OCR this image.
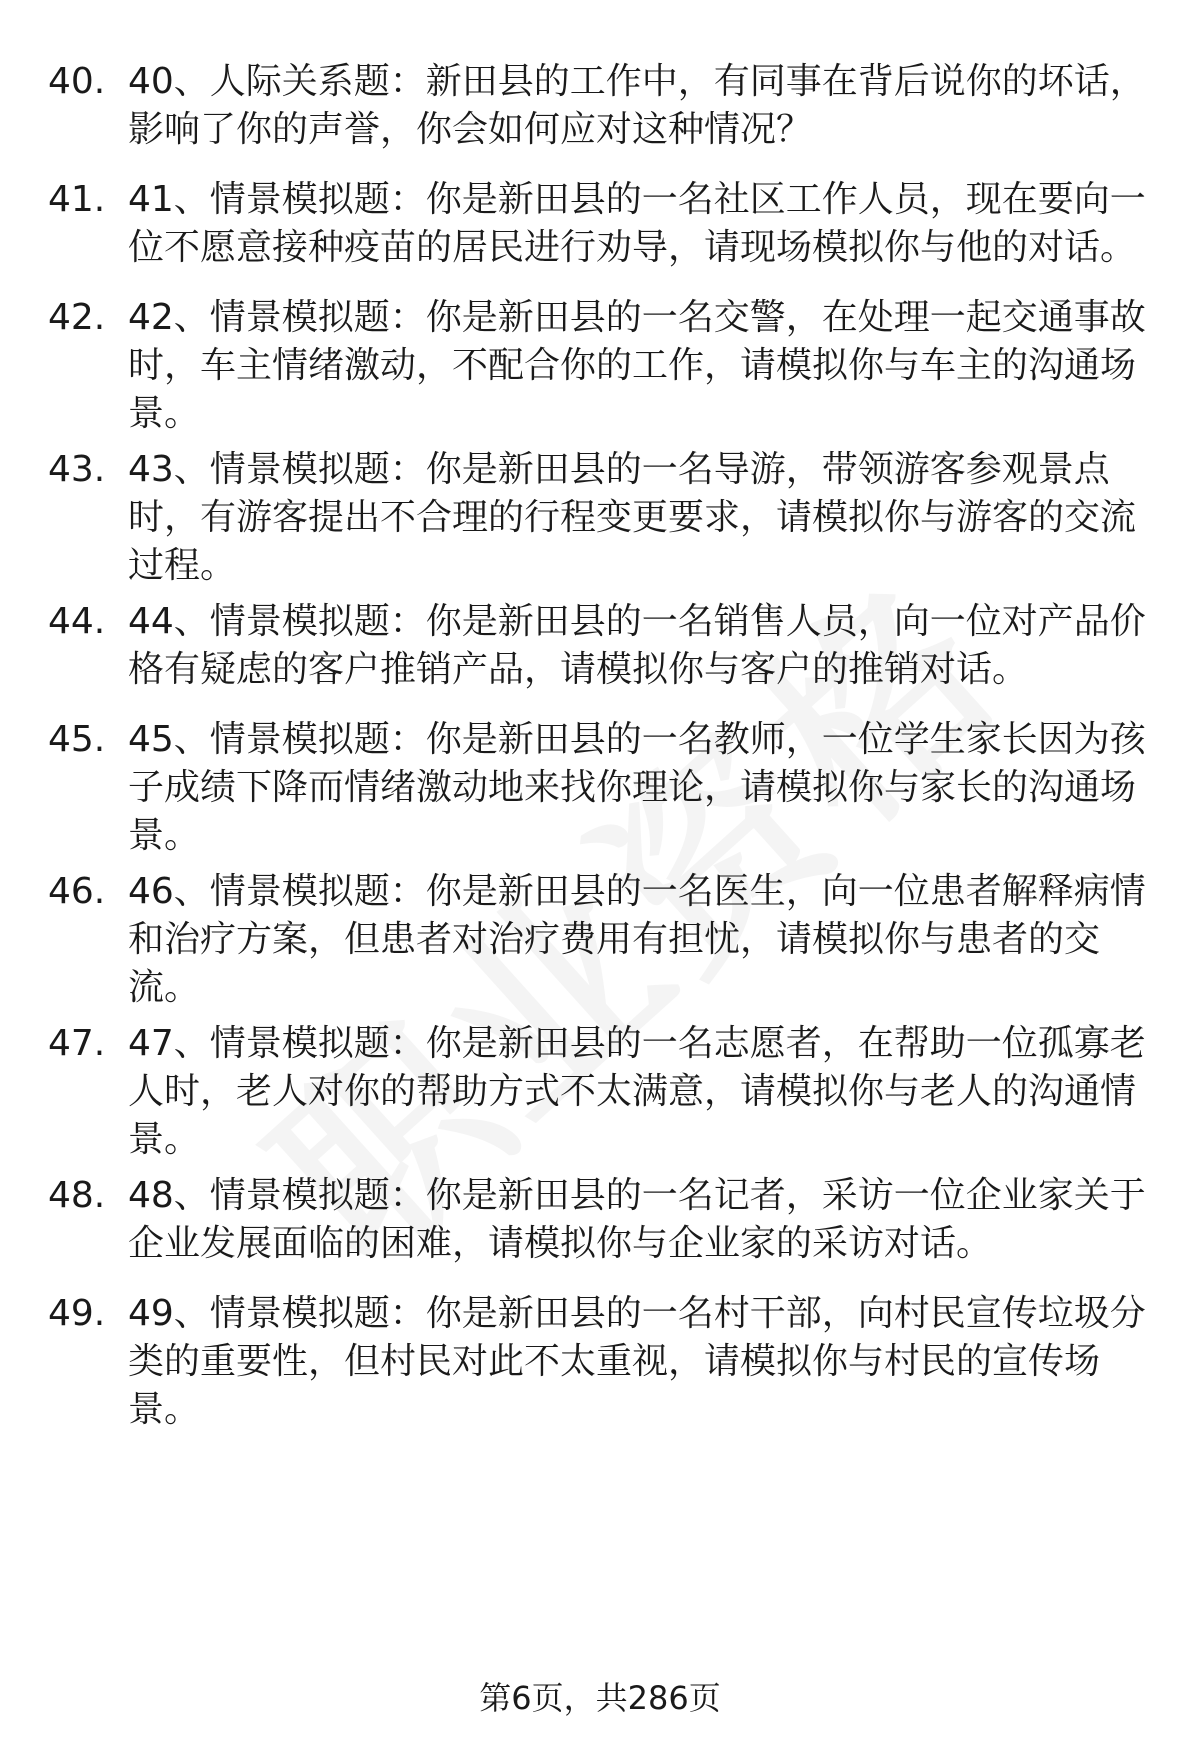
40. 40、人际关系题：新田县的工作中，有同事在背后说你的坏话，影响了你的声誉，你会如何应对这种情况？
41. 41、情景模拟题：你是新田县的一名社区工作人员，现在要向一位不愿意接种疫苗的居民进行劝导，请现场模拟你与他的对话。
42. 42、情景模拟题：你是新田县的一名交警，在处理一起交通事故时，车主情绪激动，不配合你的工作，请模拟你与车主的沟通场景。
43. 43、情景模拟题：你是新田县的一名导游，带领游客参观景点时，有游客提出不合理的行程变更要求，请模拟你与游客的交流过程。
44. 44、情景模拟题：你是新田县的一名销售人员，向一位对产品价格有疑虑的客户推销产品，请模拟你与客户的推销对话。
45. 45、情景模拟题：你是新田县的一名教师，一位学生家长因为孩子成绩下降而情绪激动地来找你理论，请模拟你与家长的沟通场景。
46. 46、情景模拟题：你是新田县的一名医生，向一位患者解释病情和治疗方案，但患者对治疗费用有担忧，请模拟你与患者的交流。
47. 47、情景模拟题：你是新田县的一名志愿者，在帮助一位孤寡老人时，老人对你的帮助方式不太满意，请模拟你与老人的沟通情景。
48. 48、情景模拟题：你是新田县的一名记者，采访一位企业家关于企业发展面临的困难，请模拟你与企业家的采访对话。
49. 49、情景模拟题：你是新田县的一名村干部，向村民宣传垃圾分类的重要性，但村民对此不太重视，请模拟你与村民的宣传场景。
第6页，共286页
